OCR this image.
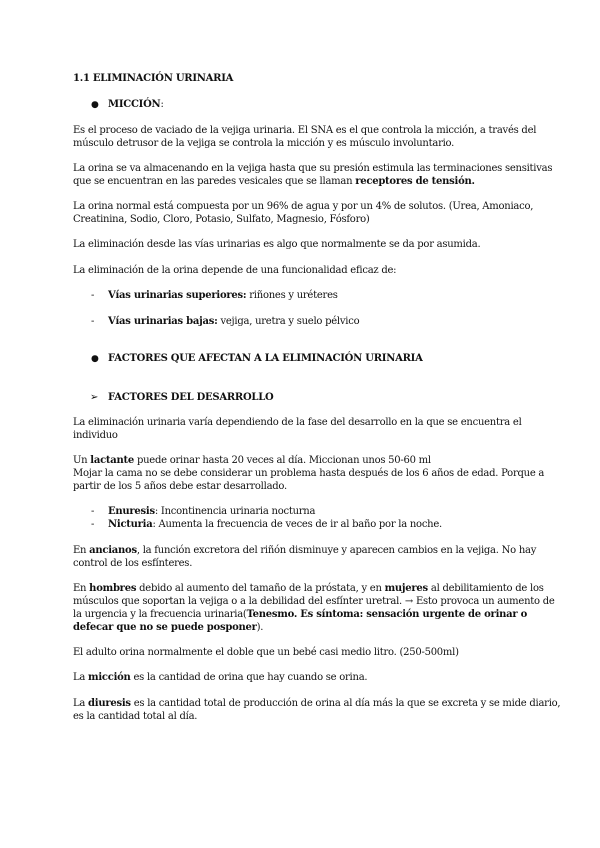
1.1 ELIMINACIÓN URINARIA
● MICCIÓN:
Es el proceso de vaciado de la vejiga urinaria. El SNA es el que controla la micción, a través del
músculo detrusor de la vejiga se controla la micción y es músculo involuntario.
La orina se va almacenando en la vejiga hasta que su presión estimula las terminaciones sensitivas
que se encuentran en las paredes vesicales que se llaman receptores de tensión.
La orina normal está compuesta por un 96% de agua y por un 4% de solutos. (Urea, Amoniaco,
Creatinina, Sodio, Cloro, Potasio, Sulfato, Magnesio, Fósforo)
La eliminación desde las vías urinarias es algo que normalmente se da por asumida.
La eliminación de la orina depende de una funcionalidad eficaz de:
- Vías urinarias superiores: riñones y uréteres
- Vías urinarias bajas: vejiga, uretra y suelo pélvico
● FACTORES QUE AFECTAN A LA ELIMINACIÓN URINARIA
➢ FACTORES DEL DESARROLLO
La eliminación urinaria varía dependiendo de la fase del desarrollo en la que se encuentra el
individuo
Un lactante puede orinar hasta 20 veces al día. Miccionan unos 50-60 ml
Mojar la cama no se debe considerar un problema hasta después de los 6 años de edad. Porque a
partir de los 5 años debe estar desarrollado.
- Enuresis: Incontinencia urinaria nocturna
- Nicturia: Aumenta la frecuencia de veces de ir al baño por la noche.
En ancianos, la función excretora del riñón disminuye y aparecen cambios en la vejiga. No hay
control de los esfínteres.
En hombres debido al aumento del tamaño de la próstata, y en mujeres al debilitamiento de los
músculos que soportan la vejiga o a la debilidad del esfínter uretral. → Esto provoca un aumento de
la urgencia y la frecuencia urinaria(Tenesmo. Es síntoma: sensación urgente de orinar o
defecar que no se puede posponer).
El adulto orina normalmente el doble que un bebé casi medio litro. (250-500ml)
La micción es la cantidad de orina que hay cuando se orina.
La diuresis es la cantidad total de producción de orina al día más la que se excreta y se mide diario,
es la cantidad total al día.
